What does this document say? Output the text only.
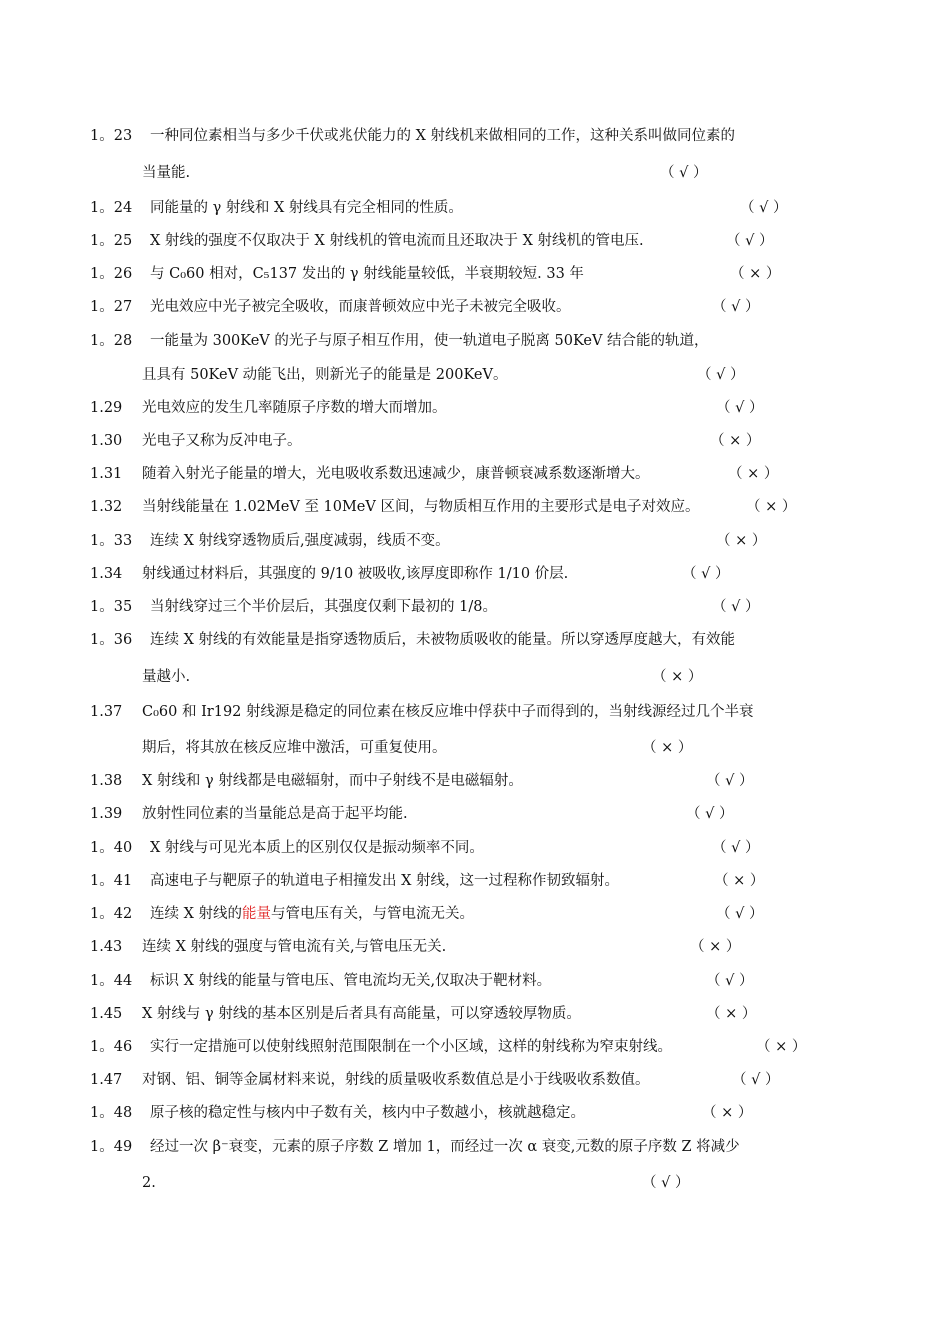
1。23 一种同位素相当与多少千伏或兆伏能力的 X 射线机来做相同的工作，这种关系叫做同位素的
当量能.	（ √ ）
1。24 同能量的 γ 射线和 X 射线具有完全相同的性质。	（ √ ）
1。25 X 射线的强度不仅取决于 X 射线机的管电流而且还取决于 X 射线机的管电压.	（ √ ）
1。26 与 C₀60 相对，C₅137 发出的 γ 射线能量较低，半衰期较短. 33 年	（ × ）
1。27 光电效应中光子被完全吸收，而康普顿效应中光子未被完全吸收。	（ √ ）
1。28 一能量为 300KeV 的光子与原子相互作用，使一轨道电子脱离 50KeV 结合能的轨道，
且具有 50KeV 动能飞出，则新光子的能量是 200KeV。	（ √ ）
1.29 光电效应的发生几率随原子序数的增大而增加。	（ √ ）
1.30 光电子又称为反冲电子。	（ × ）
1.31 随着入射光子能量的增大，光电吸收系数迅速减少，康普顿衰减系数逐渐增大。	（ × ）
1.32 当射线能量在 1.02MeV 至 10MeV 区间，与物质相互作用的主要形式是电子对效应。	（ × ）
1。33 连续 X 射线穿透物质后,强度减弱，线质不变。	（ × ）
1.34 射线通过材料后，其强度的 9/10 被吸收,该厚度即称作 1/10 价层.	（ √ ）
1。35 当射线穿过三个半价层后，其强度仅剩下最初的 1/8。	（ √ ）
1。36 连续 X 射线的有效能量是指穿透物质后，未被物质吸收的能量。所以穿透厚度越大，有效能
量越小.	（ × ）
1.37 C₀60 和 Ir192 射线源是稳定的同位素在核反应堆中俘获中子而得到的，当射线源经过几个半衰
期后，将其放在核反应堆中激活，可重复使用。	（ × ）
1.38 X 射线和 γ 射线都是电磁辐射，而中子射线不是电磁辐射。	（ √ ）
1.39 放射性同位素的当量能总是高于起平均能.	（ √ ）
1。40 X 射线与可见光本质上的区别仅仅是振动频率不同。	（ √ ）
1。41 高速电子与靶原子的轨道电子相撞发出 X 射线，这一过程称作韧致辐射。	（ × ）
1。42 连续 X 射线的能量与管电压有关，与管电流无关。	（ √ ）
1.43 连续 X 射线的强度与管电流有关,与管电压无关.	（ × ）
1。44 标识 X 射线的能量与管电压、管电流均无关,仅取决于靶材料。	（ √ ）
1.45 X 射线与 γ 射线的基本区别是后者具有高能量，可以穿透较厚物质。	（ × ）
1。46 实行一定措施可以使射线照射范围限制在一个小区域，这样的射线称为窄束射线。	（ × ）
1.47 对钢、铝、铜等金属材料来说，射线的质量吸收系数值总是小于线吸收系数值。	（ √ ）
1。48 原子核的稳定性与核内中子数有关，核内中子数越小，核就越稳定。	（ × ）
1。49 经过一次 β⁻衰变，元素的原子序数 Z 增加 1，而经过一次 α 衰变,元数的原子序数 Z 将减少
2.	（ √ ）
